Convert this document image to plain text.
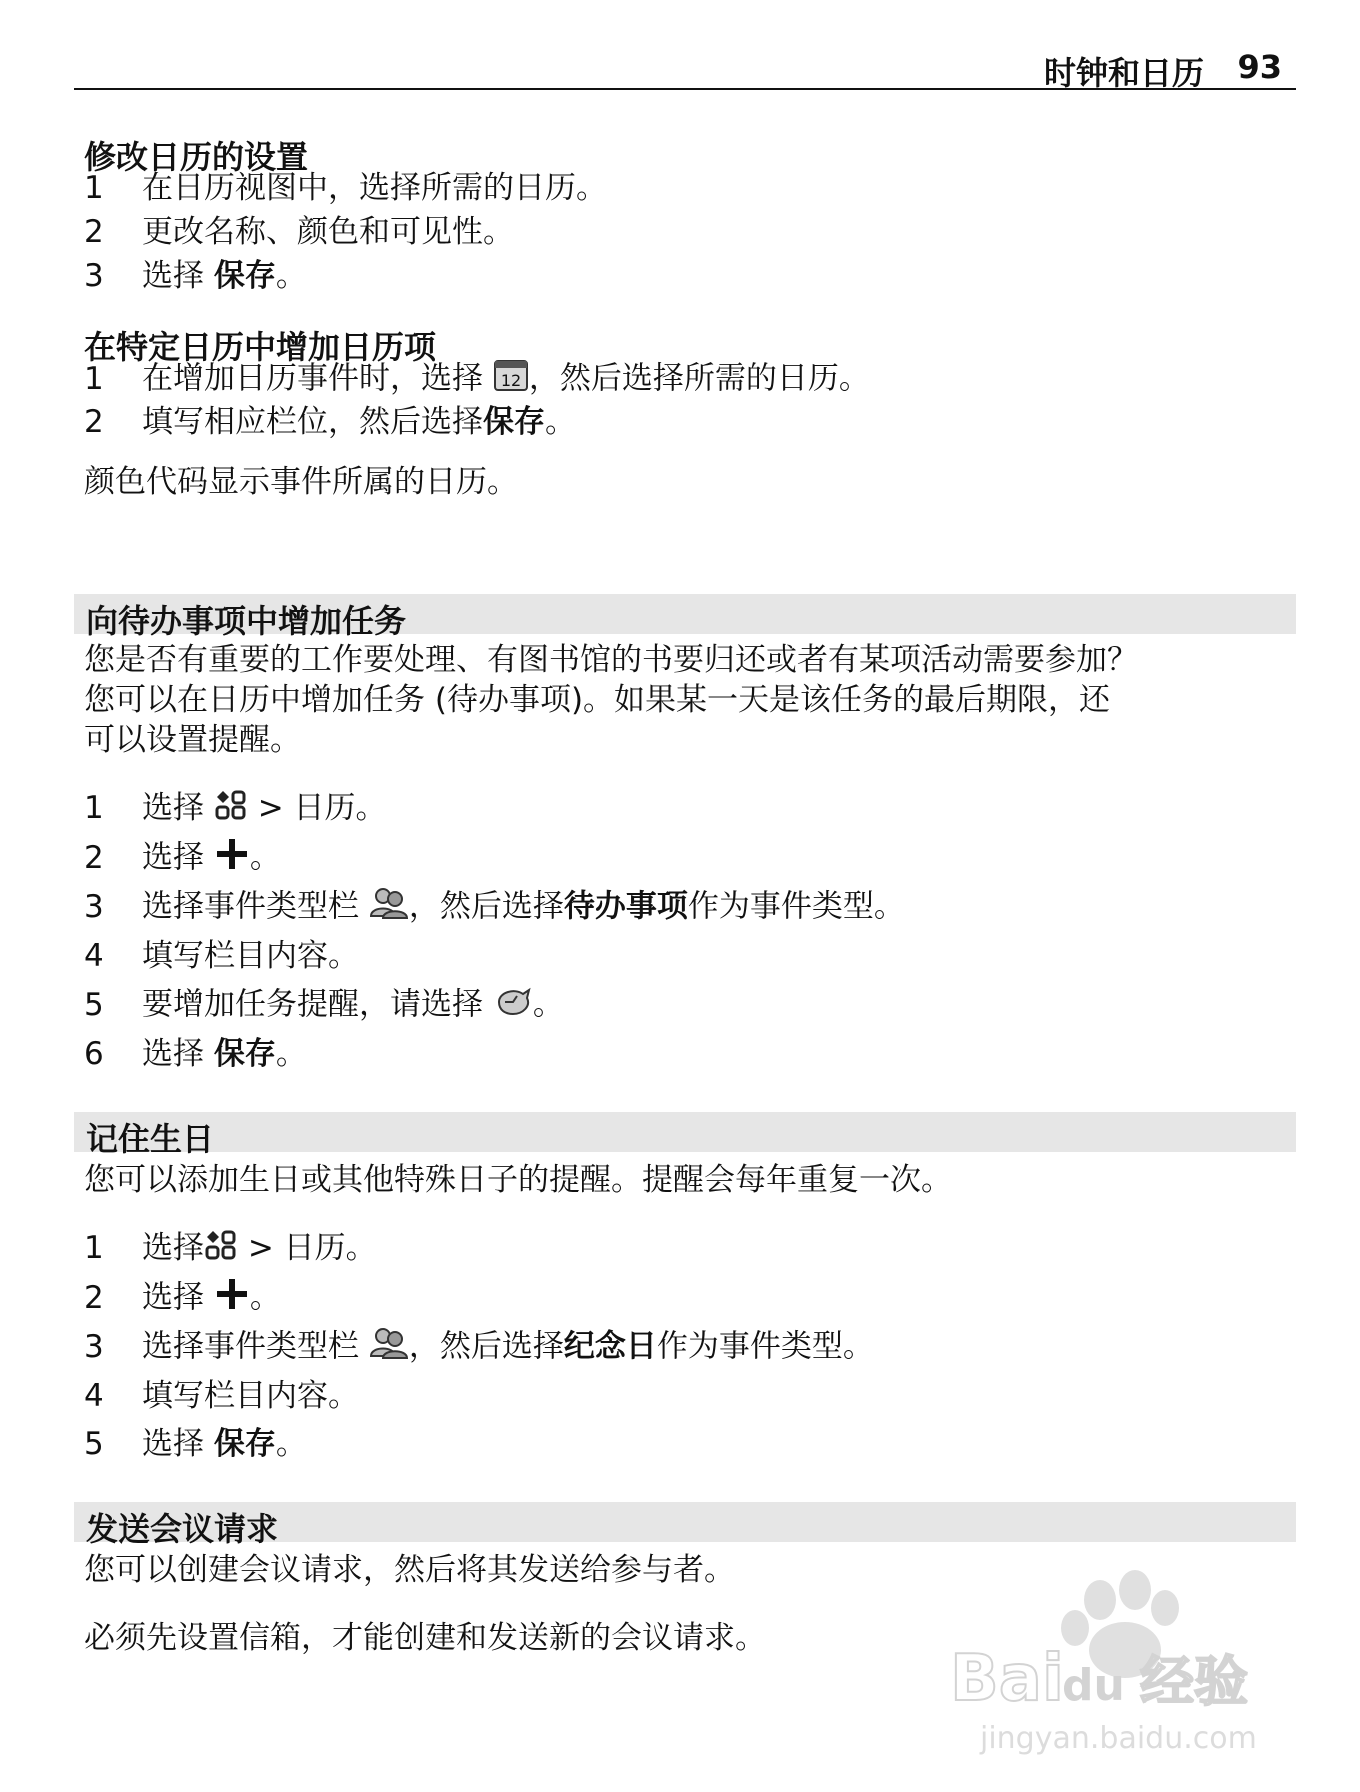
时钟和日历 93
修改日历的设置
1 在日历视图中，选择所需的日历。
2 更改名称、颜色和可见性。
3 选择 保存。
在特定日历中增加日历项
1 在增加日历事件时，选择 12 ，然后选择所需的日历。
2 填写相应栏位，然后选择保存。
颜色代码显示事件所属的日历。
向待办事项中增加任务
您是否有重要的工作要处理、有图书馆的书要归还或者有某项活动需要参加？
您可以在日历中增加任务 (待办事项)。如果某一天是该任务的最后期限，还
可以设置提醒。
1 选择  > 日历。
2 选择 。
3 选择事件类型栏 ，然后选择待办事项作为事件类型。
4 填写栏目内容。
5 要增加任务提醒，请选择 。
6 选择 保存。
记住生日
您可以添加生日或其他特殊日子的提醒。提醒会每年重复一次。
1 选择 > 日历。
2 选择 。
3 选择事件类型栏 ，然后选择纪念日作为事件类型。
4 填写栏目内容。
5 选择 保存。
发送会议请求
您可以创建会议请求，然后将其发送给参与者。
必须先设置信箱，才能创建和发送新的会议请求。
Bai
du 经验
jingyan.baidu.com
